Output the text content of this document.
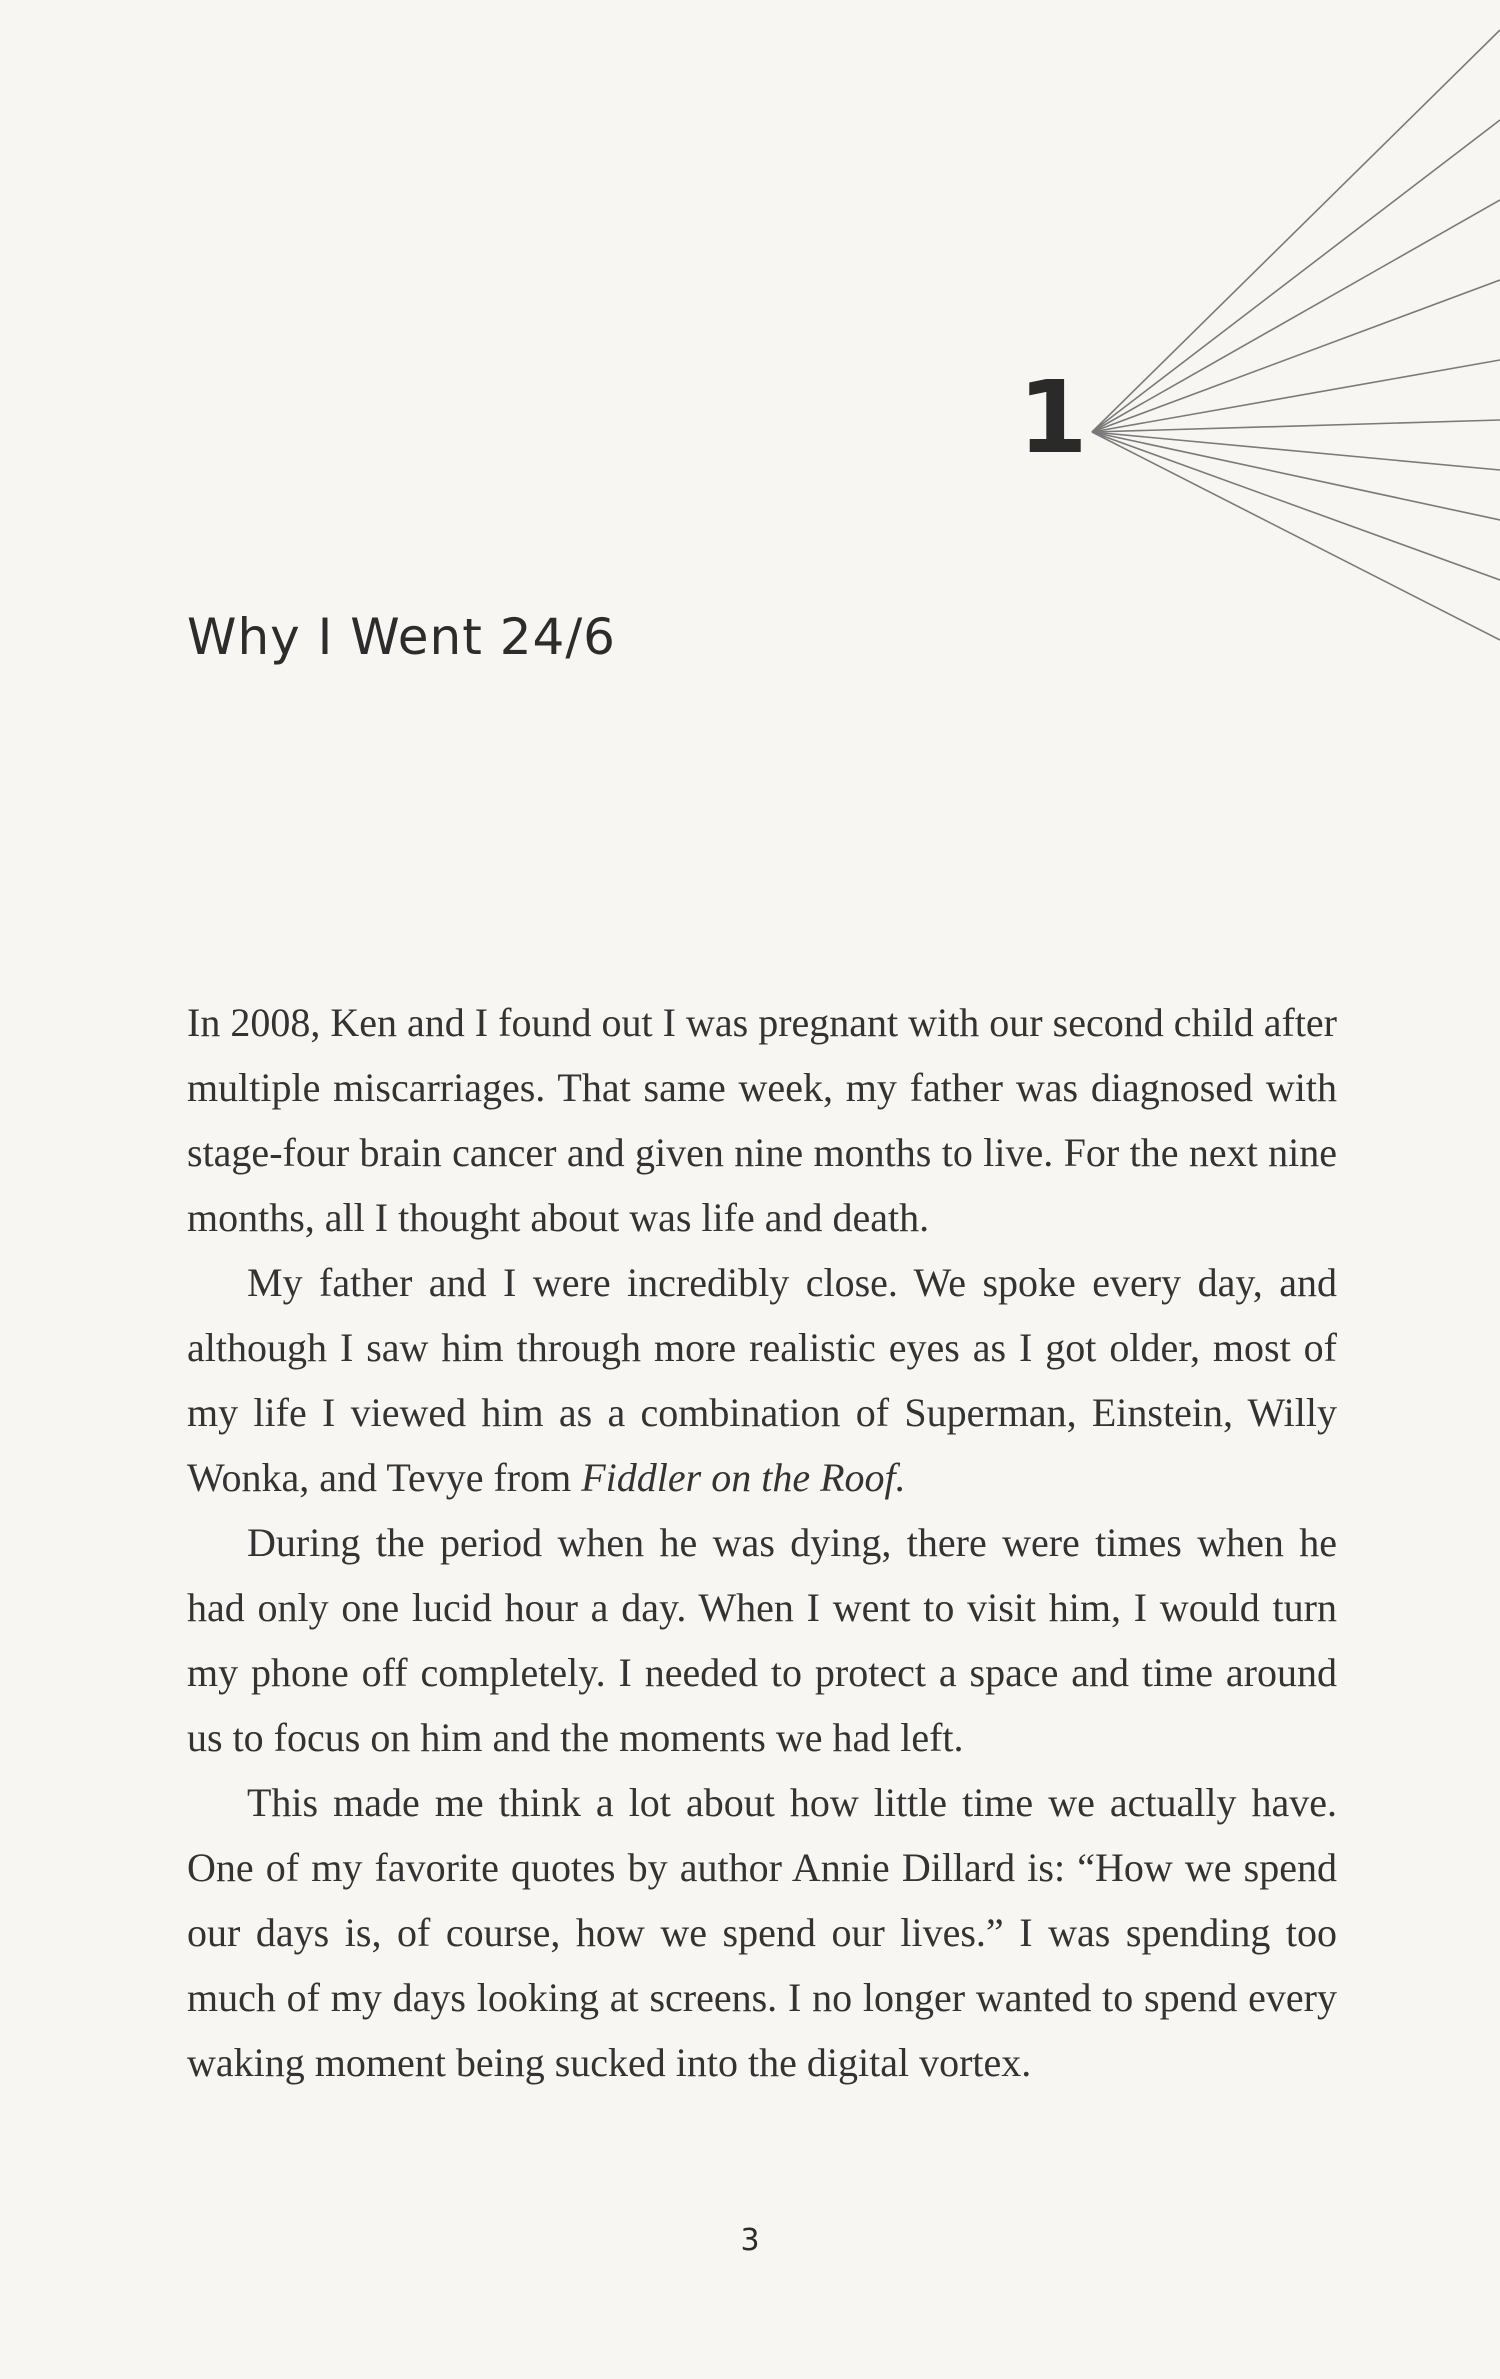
1
Why I Went 24/6

In 2008, Ken and I found out I was pregnant with our second child after multiple miscarriages. That same week, my father was diagnosed with stage-four brain cancer and given nine months to live. For the next nine months, all I thought about was life and death.

My father and I were incredibly close. We spoke every day, and although I saw him through more realistic eyes as I got older, most of my life I viewed him as a combination of Superman, Einstein, Willy Wonka, and Tevye from Fiddler on the Roof.

During the period when he was dying, there were times when he had only one lucid hour a day. When I went to visit him, I would turn my phone off completely. I needed to protect a space and time around us to focus on him and the moments we had left.

This made me think a lot about how little time we actually have. One of my favorite quotes by author Annie Dillard is: “How we spend our days is, of course, how we spend our lives.” I was spending too much of my days looking at screens. I no longer wanted to spend every waking moment being sucked into the digital vortex.

3
